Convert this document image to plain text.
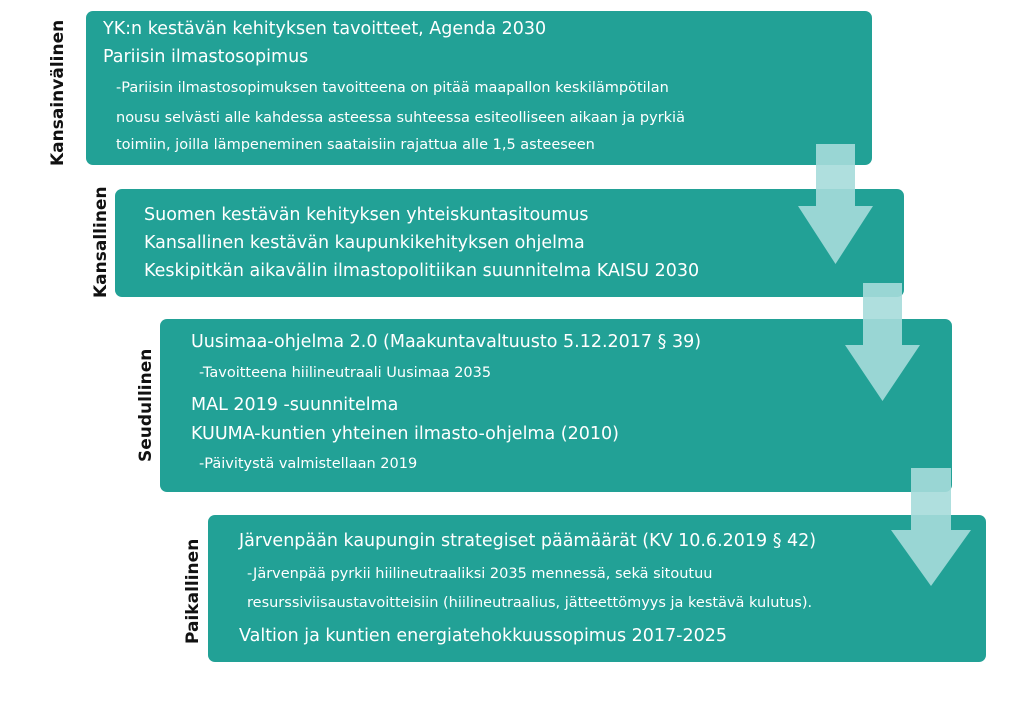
Kansainvälinen YK:n kestävän kehityksen tavoitteet, Agenda 2030
Pariisin ilmastosopimus
-Pariisin ilmastosopimuksen tavoitteena on pitää maapallon keskilämpötilan
nousu selvästi alle kahdessa asteessa suhteessa esiteolliseen aikaan ja pyrkiä
toimiin, joilla lämpeneminen saataisiin rajattua alle 1,5 asteeseen
Kansallinen Suomen kestävän kehityksen yhteiskuntasitoumus
Kansallinen kestävän kaupunkikehityksen ohjelma
Keskipitkän aikavälin ilmastopolitiikan suunnitelma KAISU 2030
Seudullinen
Uusimaa-ohjelma 2.0 (Maakuntavaltuusto 5.12.2017 § 39)
-Tavoitteena hiilineutraali Uusimaa 2035
MAL 2019 -suunnitelma
KUUMA-kuntien yhteinen ilmasto-ohjelma (2010)
-Päivitystä valmistellaan 2019
Paikallinen Järvenpään kaupungin strategiset päämäärät (KV 10.6.2019 § 42)
-Järvenpää pyrkii hiilineutraaliksi 2035 mennessä, sekä sitoutuu
resurssiviisaustavoitteisiin (hiilineutraalius, jätteettömyys ja kestävä kulutus).
Valtion ja kuntien energiatehokkuussopimus 2017-2025
